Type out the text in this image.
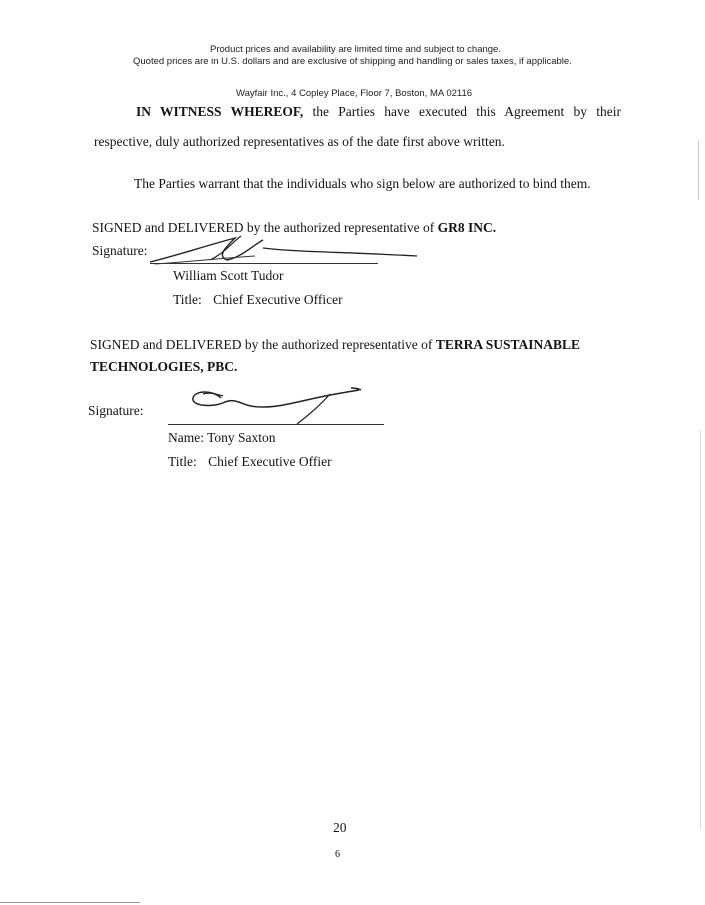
Product prices and availability are limited time and subject to change.
Quoted prices are in U.S. dollars and are exclusive of shipping and handling or sales taxes, if applicable.
Wayfair Inc., 4 Copley Place, Floor 7, Boston, MA 02116
IN WITNESS WHEREOF, the Parties have executed this Agreement by their
respective, duly authorized representatives as of the date first above written.
The Parties warrant that the individuals who sign below are authorized to bind them.
SIGNED and DELIVERED by the authorized representative of GR8 INC.
Signature:
William Scott Tudor
Title: Chief Executive Officer
SIGNED and DELIVERED by the authorized representative of TERRA SUSTAINABLE
TECHNOLOGIES, PBC.
Signature:
Name: Tony Saxton
Title: Chief Executive Offier
20
6
